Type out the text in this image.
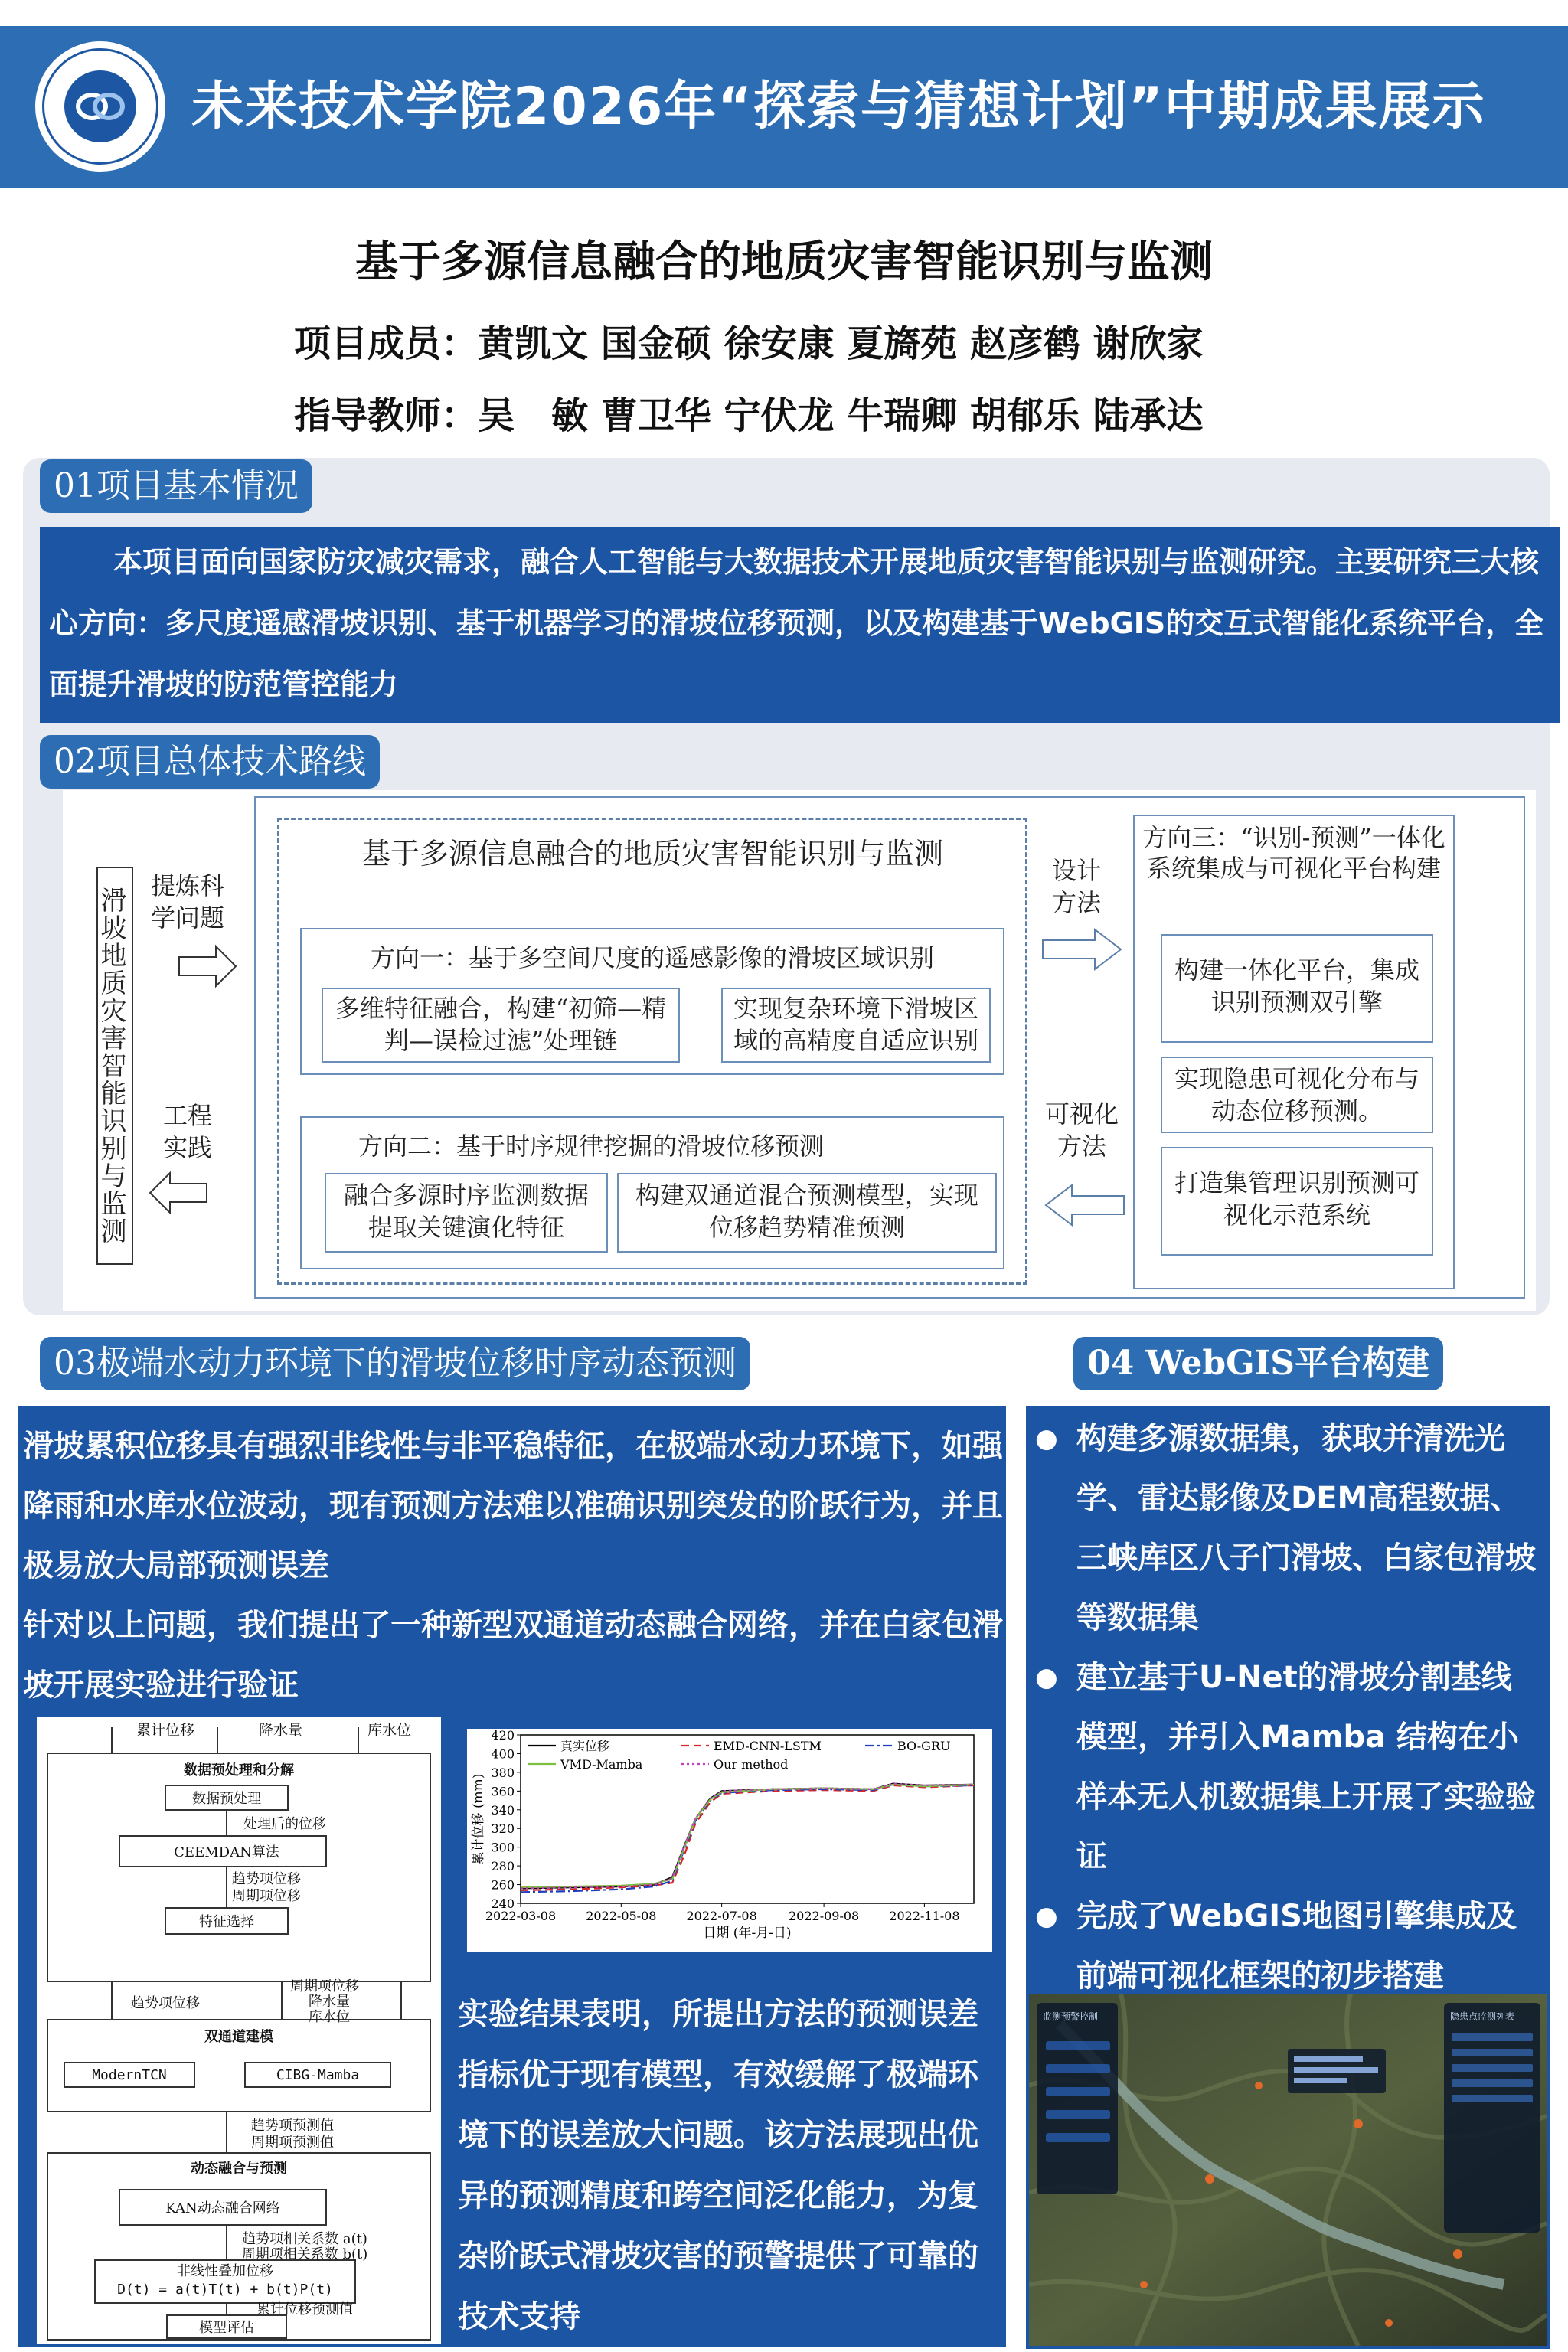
未来技术学院2026年“探索与猜想计划”中期成果展示
基于多源信息融合的地质灾害智能识别与监测
项目成员：黄凯文 国金硕 徐安康 夏旖苑 赵彦鹤 谢欣家
指导教师：吴　敏 曹卫华 宁伏龙 牛瑞卿 胡郁乐 陆承达
01项目基本情况
本项目面向国家防灾减灾需求，融合人工智能与大数据技术开展地质灾害智能识别与监测研究。主要研究三大核心方向：多尺度遥感滑坡识别、基于机器学习的滑坡位移预测，以及构建基于WebGIS的交互式智能化系统平台，全面提升滑坡的防范管控能力
02项目总体技术路线
滑坡地质灾害智能识别与监测
提炼科学问题
工程实践
基于多源信息融合的地质灾害智能识别与监测
方向一：基于多空间尺度的遥感影像的滑坡区域识别
多维特征融合，构建“初筛—精判—误检过滤”处理链
实现复杂环境下滑坡区域的高精度自适应识别
方向二：基于时序规律挖掘的滑坡位移预测
融合多源时序监测数据提取关键演化特征
构建双通道混合预测模型，实现位移趋势精准预测
设计方法
可视化方法
方向三：“识别-预测”一体化系统集成与可视化平台构建
构建一体化平台，集成识别预测双引擎
实现隐患可视化分布与动态位移预测。
打造集管理识别预测可视化示范系统
03极端水动力环境下的滑坡位移时序动态预测	04 WebGIS平台构建
滑坡累积位移具有强烈非线性与非平稳特征，在极端水动力环境下，如强降雨和水库水位波动，现有预测方法难以准确识别突发的阶跃行为，并且极易放大局部预测误差
针对以上问题，我们提出了一种新型双通道动态融合网络，并在白家包滑坡开展实验进行验证
累计位移	降水量	库水位
数据预处理和分解
数据预处理
处理后的位移
CEEMDAN算法
趋势项位移
周期项位移
特征选择
趋势项位移
周期项位移
降水量
库水位
双通道建模
ModernTCN	CIBG-Mamba
趋势项预测值
周期项预测值
动态融合与预测
KAN动态融合网络
趋势项相关系数 a(t)
周期项相关系数 b(t)
非线性叠加位移
D(t) = a(t)T(t) + b(t)P(t)
累计位移预测值
模型评估
240
260
280
300
320
340
360
380
400
420
2022-03-08 2022-05-08 2022-07-08	2022-09-08 2022-11-08
日期 (年-月-日)
累计位移 (mm)
真实位移	EMD-CNN-LSTM	BO-GRU
VMD-Mamba	Our method
实验结果表明，所提出方法的预测误差指标优于现有模型，有效缓解了极端环境下的误差放大问题。该方法展现出优异的预测精度和跨空间泛化能力，为复杂阶跃式滑坡灾害的预警提供了可靠的技术支持
● 构建多源数据集，获取并清洗光学、雷达影像及DEM高程数据、三峡库区八子门滑坡、白家包滑坡等数据集
● 建立基于U-Net的滑坡分割基线模型，并引入Mamba 结构在小样本无人机数据集上开展了实验验证
● 完成了WebGIS地图引擎集成及前端可视化框架的初步搭建
监测预警控制	隐患点监测列表
